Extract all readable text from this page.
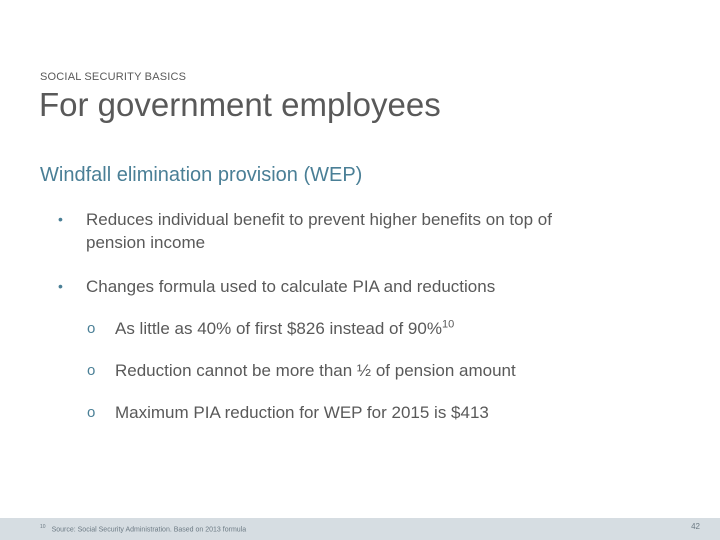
SOCIAL SECURITY BASICS
For government employees
Windfall elimination provision (WEP)
• Reduces individual benefit to prevent higher benefits on top of pension income
• Changes formula used to calculate PIA and reductions
o As little as 40% of first $826 instead of 90%$^{10}$
o Reduction cannot be more than ½ of pension amount
o Maximum PIA reduction for WEP for 2015 is $413
$^{10}$ Source: Social Security Administration. Based on 2013 formula	42
